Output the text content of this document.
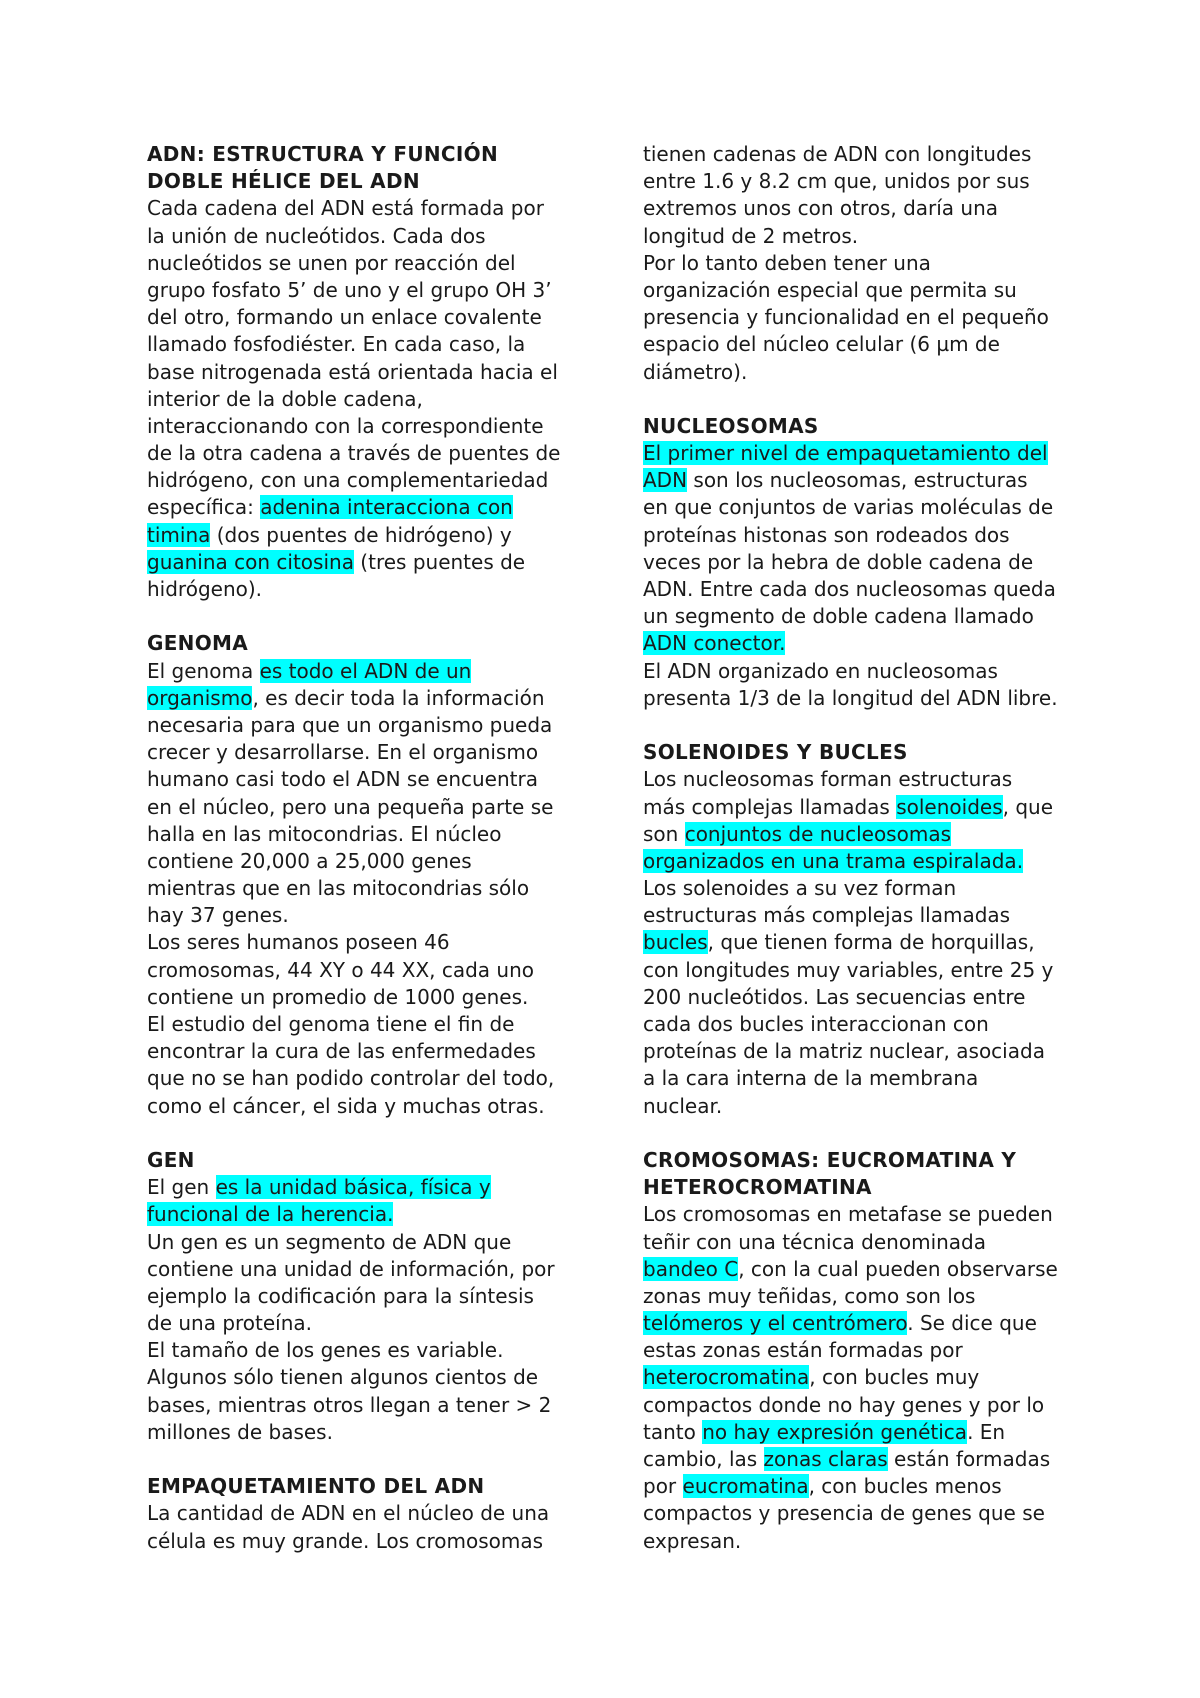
ADN: ESTRUCTURA Y FUNCIÓN
DOBLE HÉLICE DEL ADN
Cada cadena del ADN está formada por
la unión de nucleótidos. Cada dos
nucleótidos se unen por reacción del
grupo fosfato 5’ de uno y el grupo OH 3’
del otro, formando un enlace covalente
llamado fosfodiéster. En cada caso, la
base nitrogenada está orientada hacia el
interior de la doble cadena,
interaccionando con la correspondiente
de la otra cadena a través de puentes de
hidrógeno, con una complementariedad
específica: adenina interacciona con
timina (dos puentes de hidrógeno) y
guanina con citosina (tres puentes de
hidrógeno).
GENOMA
El genoma es todo el ADN de un
organismo, es decir toda la información
necesaria para que un organismo pueda
crecer y desarrollarse. En el organismo
humano casi todo el ADN se encuentra
en el núcleo, pero una pequeña parte se
halla en las mitocondrias. El núcleo
contiene 20,000 a 25,000 genes
mientras que en las mitocondrias sólo
hay 37 genes.
Los seres humanos poseen 46
cromosomas, 44 XY o 44 XX, cada uno
contiene un promedio de 1000 genes.
El estudio del genoma tiene el fin de
encontrar la cura de las enfermedades
que no se han podido controlar del todo,
como el cáncer, el sida y muchas otras.
GEN
El gen es la unidad básica, física y
funcional de la herencia.
Un gen es un segmento de ADN que
contiene una unidad de información, por
ejemplo la codificación para la síntesis
de una proteína.
El tamaño de los genes es variable.
Algunos sólo tienen algunos cientos de
bases, mientras otros llegan a tener > 2
millones de bases.
EMPAQUETAMIENTO DEL ADN
La cantidad de ADN en el núcleo de una
célula es muy grande. Los cromosomas
tienen cadenas de ADN con longitudes
entre 1.6 y 8.2 cm que, unidos por sus
extremos unos con otros, daría una
longitud de 2 metros.
Por lo tanto deben tener una
organización especial que permita su
presencia y funcionalidad en el pequeño
espacio del núcleo celular (6 µm de
diámetro).
NUCLEOSOMAS
El primer nivel de empaquetamiento del
ADN son los nucleosomas, estructuras
en que conjuntos de varias moléculas de
proteínas histonas son rodeados dos
veces por la hebra de doble cadena de
ADN. Entre cada dos nucleosomas queda
un segmento de doble cadena llamado
ADN conector.
El ADN organizado en nucleosomas
presenta 1/3 de la longitud del ADN libre.
SOLENOIDES Y BUCLES
Los nucleosomas forman estructuras
más complejas llamadas solenoides, que
son conjuntos de nucleosomas
organizados en una trama espiralada.
Los solenoides a su vez forman
estructuras más complejas llamadas
bucles, que tienen forma de horquillas,
con longitudes muy variables, entre 25 y
200 nucleótidos. Las secuencias entre
cada dos bucles interaccionan con
proteínas de la matriz nuclear, asociada
a la cara interna de la membrana
nuclear.
CROMOSOMAS: EUCROMATINA Y
HETEROCROMATINA
Los cromosomas en metafase se pueden
teñir con una técnica denominada
bandeo C, con la cual pueden observarse
zonas muy teñidas, como son los
telómeros y el centrómero. Se dice que
estas zonas están formadas por
heterocromatina, con bucles muy
compactos donde no hay genes y por lo
tanto no hay expresión genética. En
cambio, las zonas claras están formadas
por eucromatina, con bucles menos
compactos y presencia de genes que se
expresan.
